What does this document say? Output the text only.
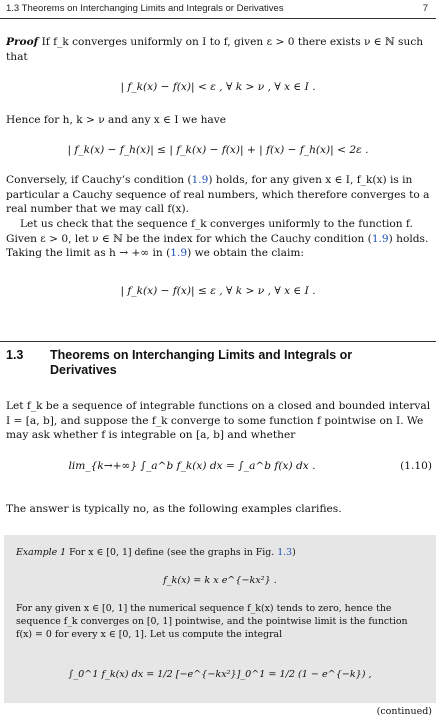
1.3 Theorems on Interchanging Limits and Integrals or Derivatives	7
Proof If f_k converges uniformly on I to f, given ε > 0 there exists ν ∈ ℕ such that
| f_k(x) − f(x)| < ε , ∀ k > ν , ∀ x ∈ I .
Hence for h, k > ν and any x ∈ I we have
| f_k(x) − f_h(x)| ≤ | f_k(x) − f(x)| + | f(x) − f_h(x)| < 2ε .
Conversely, if Cauchy’s condition (1.9) holds, for any given x ∈ I, f_k(x) is in particular a Cauchy sequence of real numbers, which therefore converges to a real number that we may call f(x).
Let us check that the sequence f_k converges uniformly to the function f. Given ε > 0, let ν ∈ ℕ be the index for which the Cauchy condition (1.9) holds. Taking the limit as h → +∞ in (1.9) we obtain the claim:
| f_k(x) − f(x)| ≤ ε , ∀ k > ν , ∀ x ∈ I .
1.3 Theorems on Interchanging Limits and Integrals or Derivatives
Let f_k be a sequence of integrable functions on a closed and bounded interval I = [a, b], and suppose the f_k converge to some function f pointwise on I. We may ask whether f is integrable on [a, b] and whether
lim_{k→+∞} ∫_a^b f_k(x) dx = ∫_a^b f(x) dx .	(1.10)
The answer is typically no, as the following examples clarifies.
Example 1 For x ∈ [0, 1] define (see the graphs in Fig. 1.3)
f_k(x) = k x e^{−kx²} .
For any given x ∈ [0, 1] the numerical sequence f_k(x) tends to zero, hence the sequence f_k converges on [0, 1] pointwise, and the pointwise limit is the function f(x) = 0 for every x ∈ [0, 1]. Let us compute the integral
∫_0^1 f_k(x) dx = 1/2 [−e^{−kx²}]_0^1 = 1/2 (1 − e^{−k}) ,
(continued)
